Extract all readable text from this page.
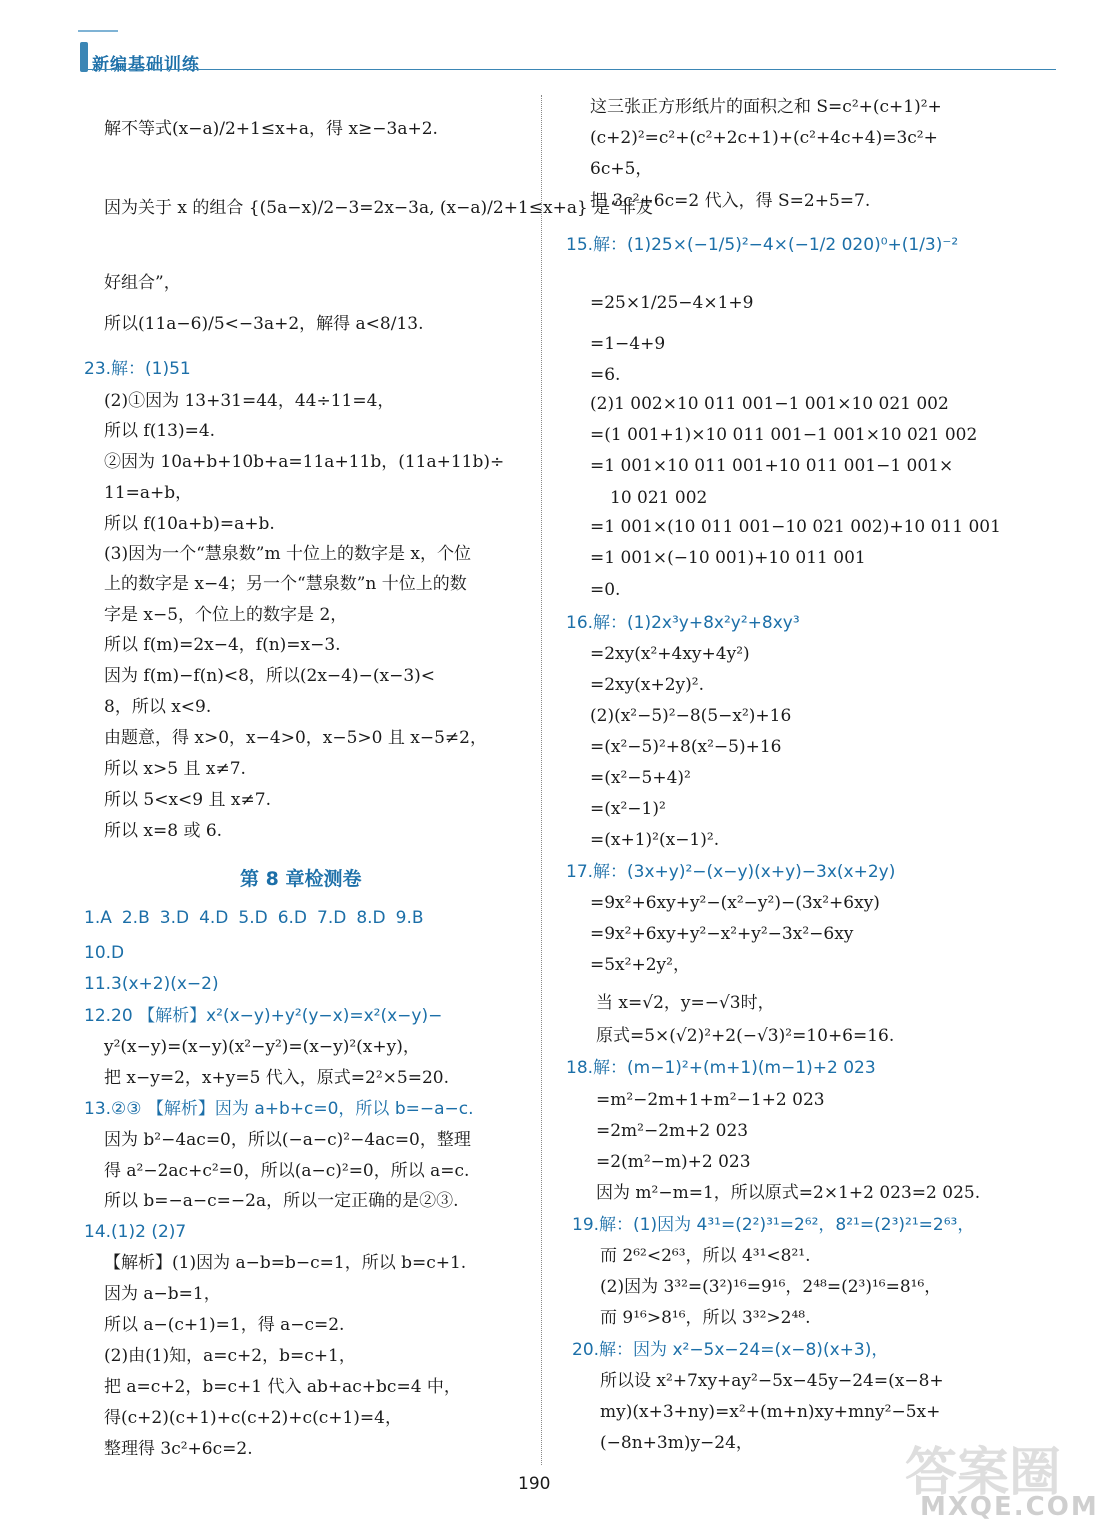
新编基础训练
解不等式(x−a)/2+1≤x+a，得 x≥−3a+2.
因为关于 x 的组合 {(5a−x)/2−3=2x−3a, (x−a)/2+1≤x+a} 是“非友
好组合”，
所以(11a−6)/5<−3a+2，解得 a<8/13.
23.解：(1)51
(2)①因为 13+31=44，44÷11=4，
所以 f(13)=4.
②因为 10a+b+10b+a=11a+11b，(11a+11b)÷
11=a+b，
所以 f(10a+b)=a+b.
(3)因为一个“慧泉数”m 十位上的数字是 x，个位
上的数字是 x−4；另一个“慧泉数”n 十位上的数
字是 x−5，个位上的数字是 2，
所以 f(m)=2x−4，f(n)=x−3.
因为 f(m)−f(n)<8，所以(2x−4)−(x−3)<
8，所以 x<9.
由题意，得 x>0，x−4>0，x−5>0 且 x−5≠2，
所以 x>5 且 x≠7.
所以 5<x<9 且 x≠7.
所以 x=8 或 6.
10.D
11.3(x+2)(x−2)
12.20 【解析】x²(x−y)+y²(y−x)=x²(x−y)−
y²(x−y)=(x−y)(x²−y²)=(x−y)²(x+y)，
把 x−y=2，x+y=5 代入，原式=2²×5=20.
13.②③ 【解析】因为 a+b+c=0，所以 b=−a−c.
因为 b²−4ac=0，所以(−a−c)²−4ac=0，整理
得 a²−2ac+c²=0，所以(a−c)²=0，所以 a=c.
所以 b=−a−c=−2a，所以一定正确的是②③.
14.(1)2 (2)7
【解析】(1)因为 a−b=b−c=1，所以 b=c+1.
因为 a−b=1，
所以 a−(c+1)=1，得 a−c=2.
(2)由(1)知，a=c+2，b=c+1，
把 a=c+2，b=c+1 代入 ab+ac+bc=4 中，
得(c+2)(c+1)+c(c+2)+c(c+1)=4，
整理得 3c²+6c=2.
第 8 章检测卷
1.A 2.B 3.D 4.D 5.D 6.D 7.D 8.D 9.B
这三张正方形纸片的面积之和 S=c²+(c+1)²+
(c+2)²=c²+(c²+2c+1)+(c²+4c+4)=3c²+
6c+5，
把 3c²+6c=2 代入，得 S=2+5=7.
15.解：(1)25×(−1/5)²−4×(−1/2 020)⁰+(1/3)⁻²
=25×1/25−4×1+9
=1−4+9
=6.
(2)1 002×10 011 001−1 001×10 021 002
=(1 001+1)×10 011 001−1 001×10 021 002
=1 001×10 011 001+10 011 001−1 001×
10 021 002
=1 001×(10 011 001−10 021 002)+10 011 001
=1 001×(−10 001)+10 011 001
=0.
16.解：(1)2x³y+8x²y²+8xy³
=2xy(x²+4xy+4y²)
=2xy(x+2y)².
(2)(x²−5)²−8(5−x²)+16
=(x²−5)²+8(x²−5)+16
=(x²−5+4)²
=(x²−1)²
=(x+1)²(x−1)².
17.解：(3x+y)²−(x−y)(x+y)−3x(x+2y)
=9x²+6xy+y²−(x²−y²)−(3x²+6xy)
=9x²+6xy+y²−x²+y²−3x²−6xy
=5x²+2y²，
当 x=√2，y=−√3时，
原式=5×(√2)²+2(−√3)²=10+6=16.
18.解：(m−1)²+(m+1)(m−1)+2 023
=m²−2m+1+m²−1+2 023
=2m²−2m+2 023
=2(m²−m)+2 023
因为 m²−m=1，所以原式=2×1+2 023=2 025.
19.解：(1)因为 4³¹=(2²)³¹=2⁶²，8²¹=(2³)²¹=2⁶³，
而 2⁶²<2⁶³，所以 4³¹<8²¹.
(2)因为 3³²=(3²)¹⁶=9¹⁶，2⁴⁸=(2³)¹⁶=8¹⁶，
而 9¹⁶>8¹⁶，所以 3³²>2⁴⁸.
20.解：因为 x²−5x−24=(x−8)(x+3)，
所以设 x²+7xy+ay²−5x−45y−24=(x−8+
my)(x+3+ny)=x²+(m+n)xy+mny²−5x+
(−8n+3m)y−24，
190	答案圈
MXQE.COM
